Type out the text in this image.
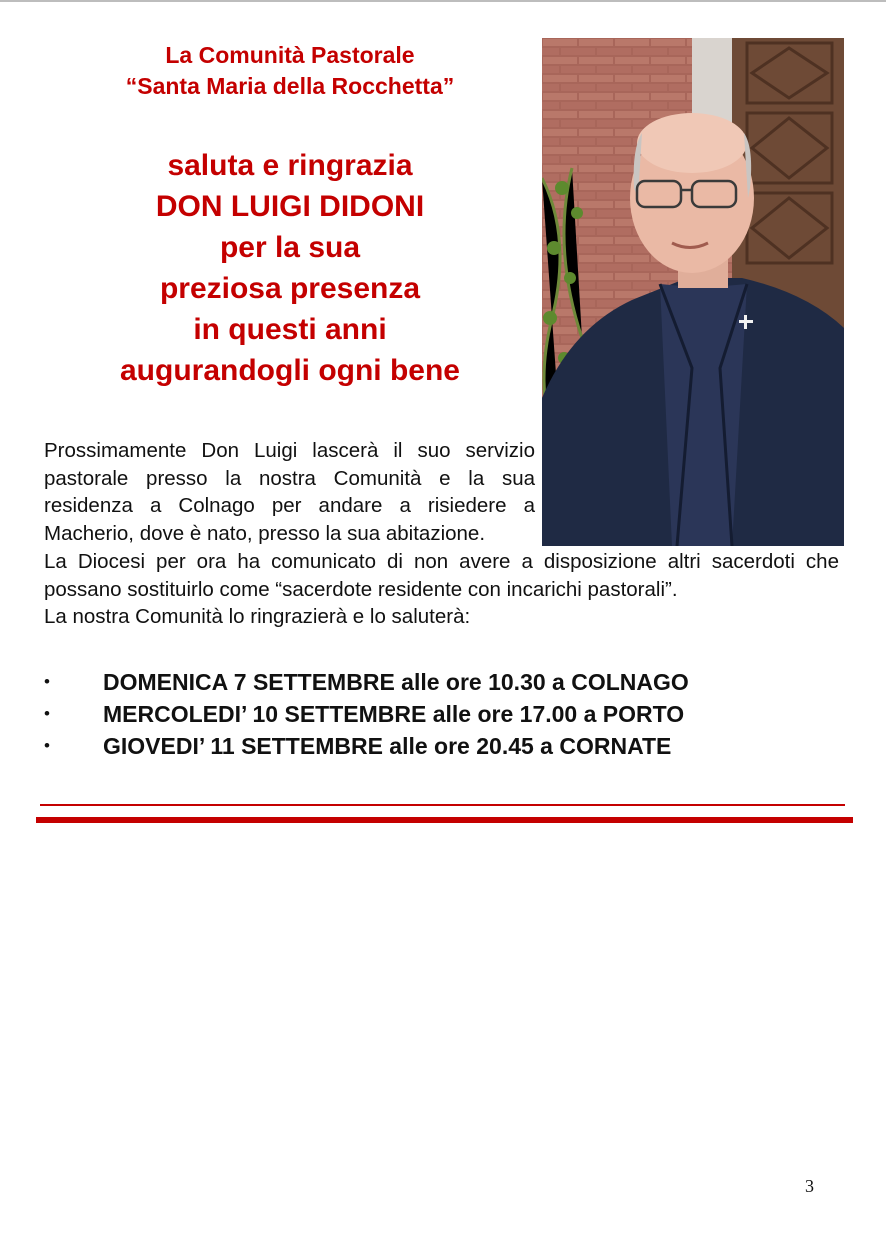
La Comunità Pastorale
“Santa Maria della Rocchetta”
saluta e ringrazia
DON LUIGI DIDONI
per la sua
preziosa presenza
in questi anni
augurandogli ogni bene
Prossimamente Don Luigi lascerà il suo servizio pastorale presso la nostra Comunità e la sua residenza a Colnago per andare a risiedere a
Macherio, dove è nato, presso la sua abitazione.
La Diocesi per ora ha comunicato di non avere a disposizione altri sacerdoti che possano sostituirlo come “sacerdote residente con incarichi pastorali”.
La nostra Comunità lo ringrazierà e lo saluterà:
• DOMENICA 7 SETTEMBRE alle ore 10.30 a COLNAGO
• MERCOLEDI’ 10 SETTEMBRE alle ore 17.00 a PORTO
• GIOVEDI’ 11 SETTEMBRE alle ore 20.45 a CORNATE
3
